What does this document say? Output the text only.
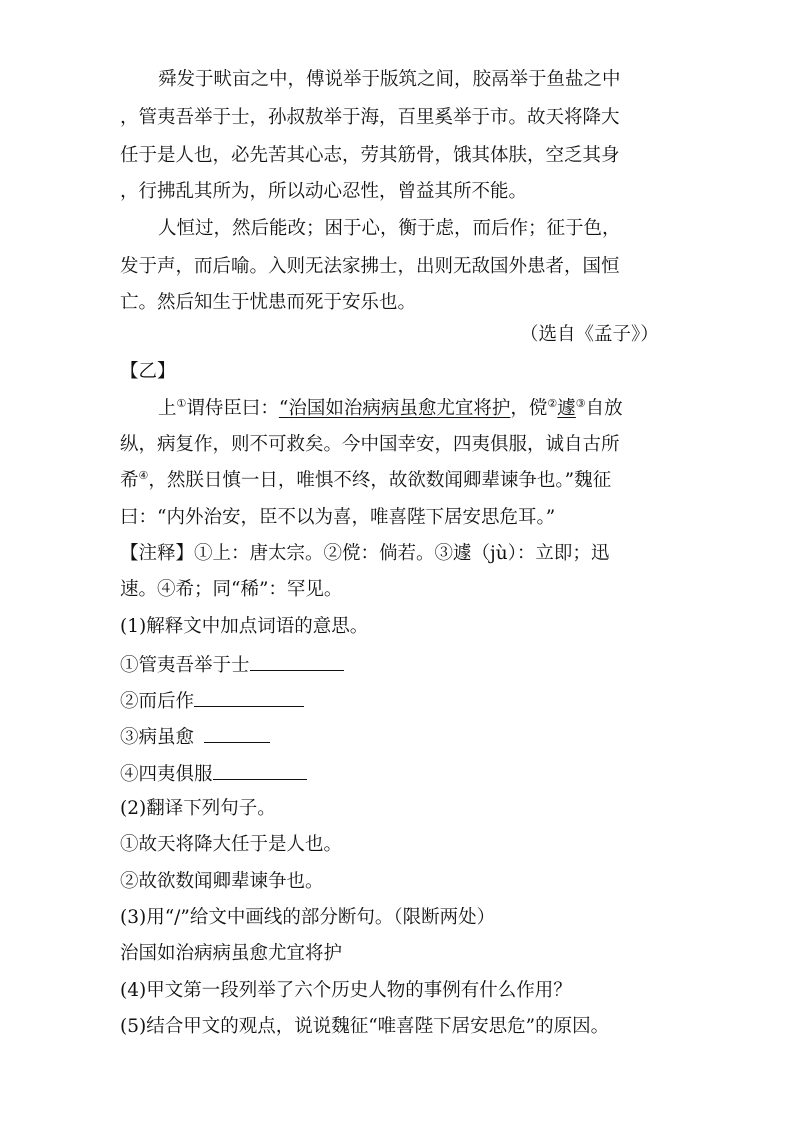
舜发于畎亩之中，傅说举于版筑之间，胶鬲举于鱼盐之中
，管夷吾举于士，孙叔敖举于海，百里奚举于市。故天将降大
任于是人也，必先苦其心志，劳其筋骨，饿其体肤，空乏其身
，行拂乱其所为，所以动心忍性，曾益其所不能。
人恒过，然后能改；困于心，衡于虑，而后作；征于色，
发于声，而后喻。入则无法家拂士，出则无敌国外患者，国恒
亡。然后知生于忧患而死于安乐也。
（选自《孟子》）
【乙】
上①谓侍臣曰：“治国如治病病虽愈尤宜将护，傥②遽③自放
纵，病复作，则不可救矣。今中国幸安，四夷俱服，诚自古所
希④，然朕日慎一日，唯惧不终，故欲数闻卿辈谏争也。”魏征
曰：“内外治安，臣不以为喜，唯喜陛下居安思危耳。”
【注释】①上：唐太宗。②傥：倘若。③遽（jù）：立即；迅
速。④希；同“稀”：罕见。
(1)解释文中加点词语的意思。
①管夷吾举于士
②而后作
③病虽愈
④四夷俱服
(2)翻译下列句子。
①故天将降大任于是人也。
②故欲数闻卿辈谏争也。
(3)用“/”给文中画线的部分断句。（限断两处）
治国如治病病虽愈尤宜将护
(4)甲文第一段列举了六个历史人物的事例有什么作用？
(5)结合甲文的观点，说说魏征“唯喜陛下居安思危”的原因。
